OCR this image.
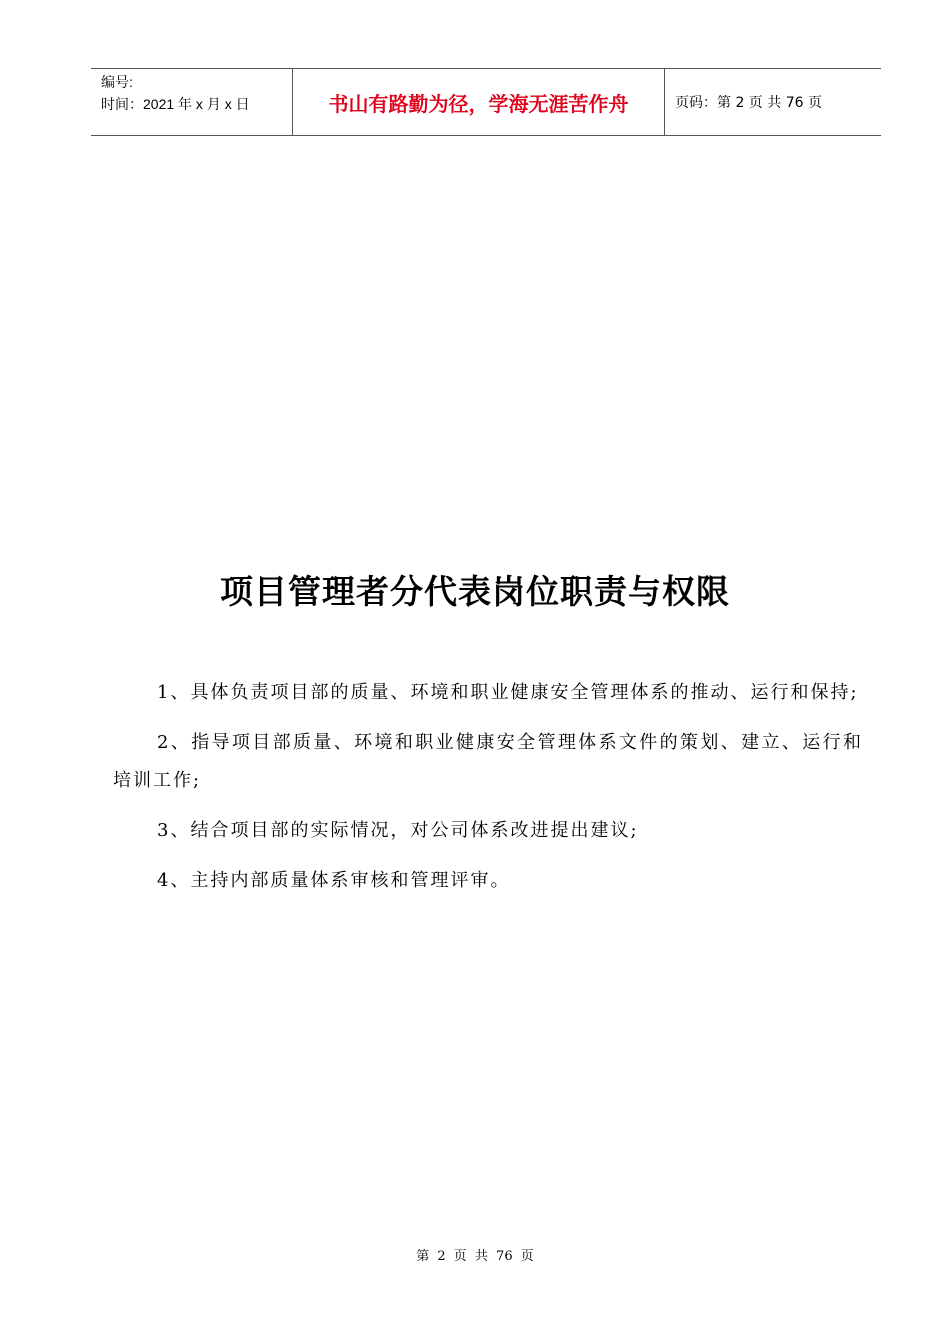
编号:
时间：2021 年 x 月 x 日	书山有路勤为径，学海无涯苦作舟	页码：第 2 页 共 76 页
项目管理者分代表岗位职责与权限

1、具体负责项目部的质量、环境和职业健康安全管理体系的推动、运行和保持;

2、指导项目部质量、环境和职业健康安全管理体系文件的策划、建立、运行和培训工作;

3、结合项目部的实际情况，对公司体系改进提出建议;

4、主持内部质量体系审核和管理评审。

第 2 页 共 76 页
